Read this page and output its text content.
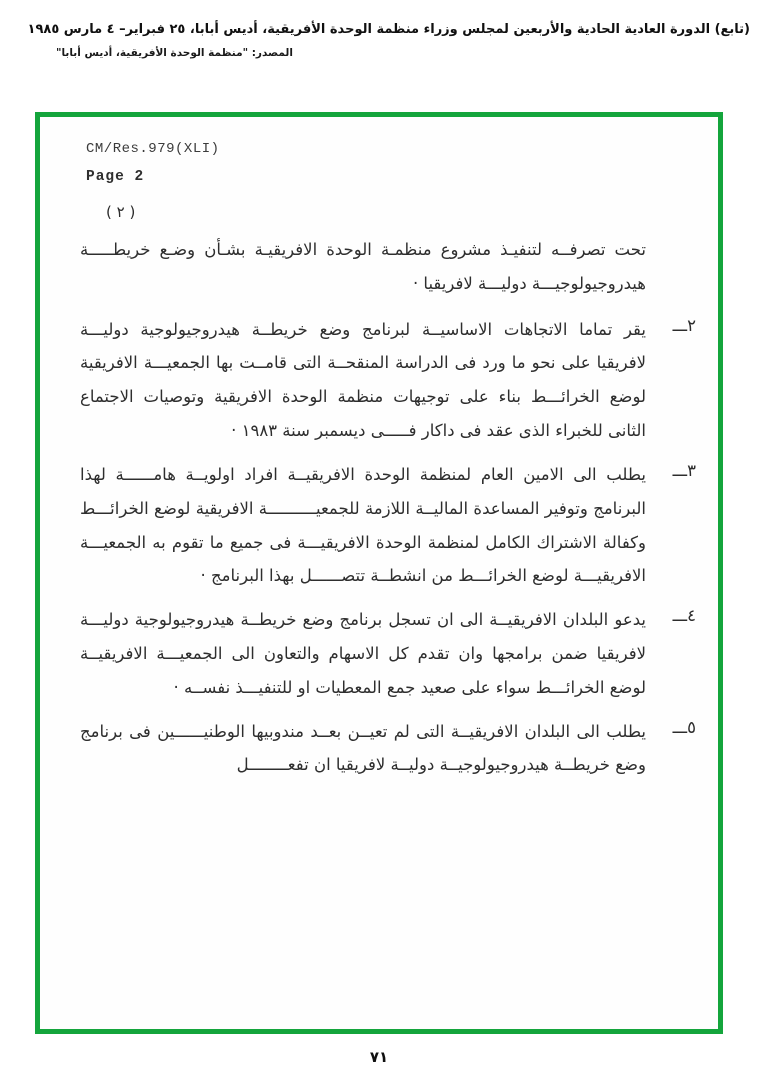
(تابع) الدورة العادية الحادية والأربعين لمجلس وزراء منظمة الوحدة الأفريقية، أديس أبابا، ٢٥ فبراير– ٤ مارس ١٩٨٥
المصدر: "منظمة الوحدة الأفريقية، أديس أبابا"
CM/Res.979(XLI)
Page 2
( ٢ )

تحت تصرفــه لتنفيـذ مشروع منظمـة الوحدة الافريقيـة بشـأن وضـع خريطـــــة هيدروجيولوجيـــة دوليـــة لافريقيا ·

٢ـــ
يقر تماما الاتجاهات الاساسيــة لبرنامج وضع خريطــة هيدروجيولوجية دوليـــة لافريقيا على نحو ما ورد فى الدراسة المنقحــة التى قامــت بها الجمعيـــة الافريقية لوضع الخرائـــط بناء على توجيهات منظمة الوحدة الافريقية وتوصيات الاجتماع الثانى للخبراء الذى عقد فى داكار فـــــى ديسمبر سنة ١٩٨٣ ·
٣ـــ
يطلب الى الامين العام لمنظمة الوحدة الافريقيــة افراد اولويــة هامــــــة لهذا البرنامج وتوفير المساعدة الماليــة اللازمة للجمعيــــــــــة الافريقية لوضع الخرائـــط وكفالة الاشتراك الكامل لمنظمة الوحدة الافريقيـــة فى جميع ما تقوم به الجمعيـــة الافريقيـــة لوضع الخرائـــط من انشطــة تتصــــــل بهذا البرنامج ·
٤ـــ
يدعو البلدان الافريقيــة الى ان تسجل برنامج وضع خريطــة هيدروجيولوجية دوليـــة لافريقيا ضمن برامجها وان تقدم كل الاسهام والتعاون الى الجمعيـــة الافريقيــة لوضع الخرائـــط سواء على صعيد جمع المعطيات او للتنفيـــذ نفســه ·
٥ـــ
يطلب الى البلدان الافريقيــة التى لم تعيــن بعــد مندوبيها الوطنيــــــين فى برنامج وضع خريطــة هيدروجيولوجيــة دوليــة لافريقيا ان تفعــــــــل
٧١
